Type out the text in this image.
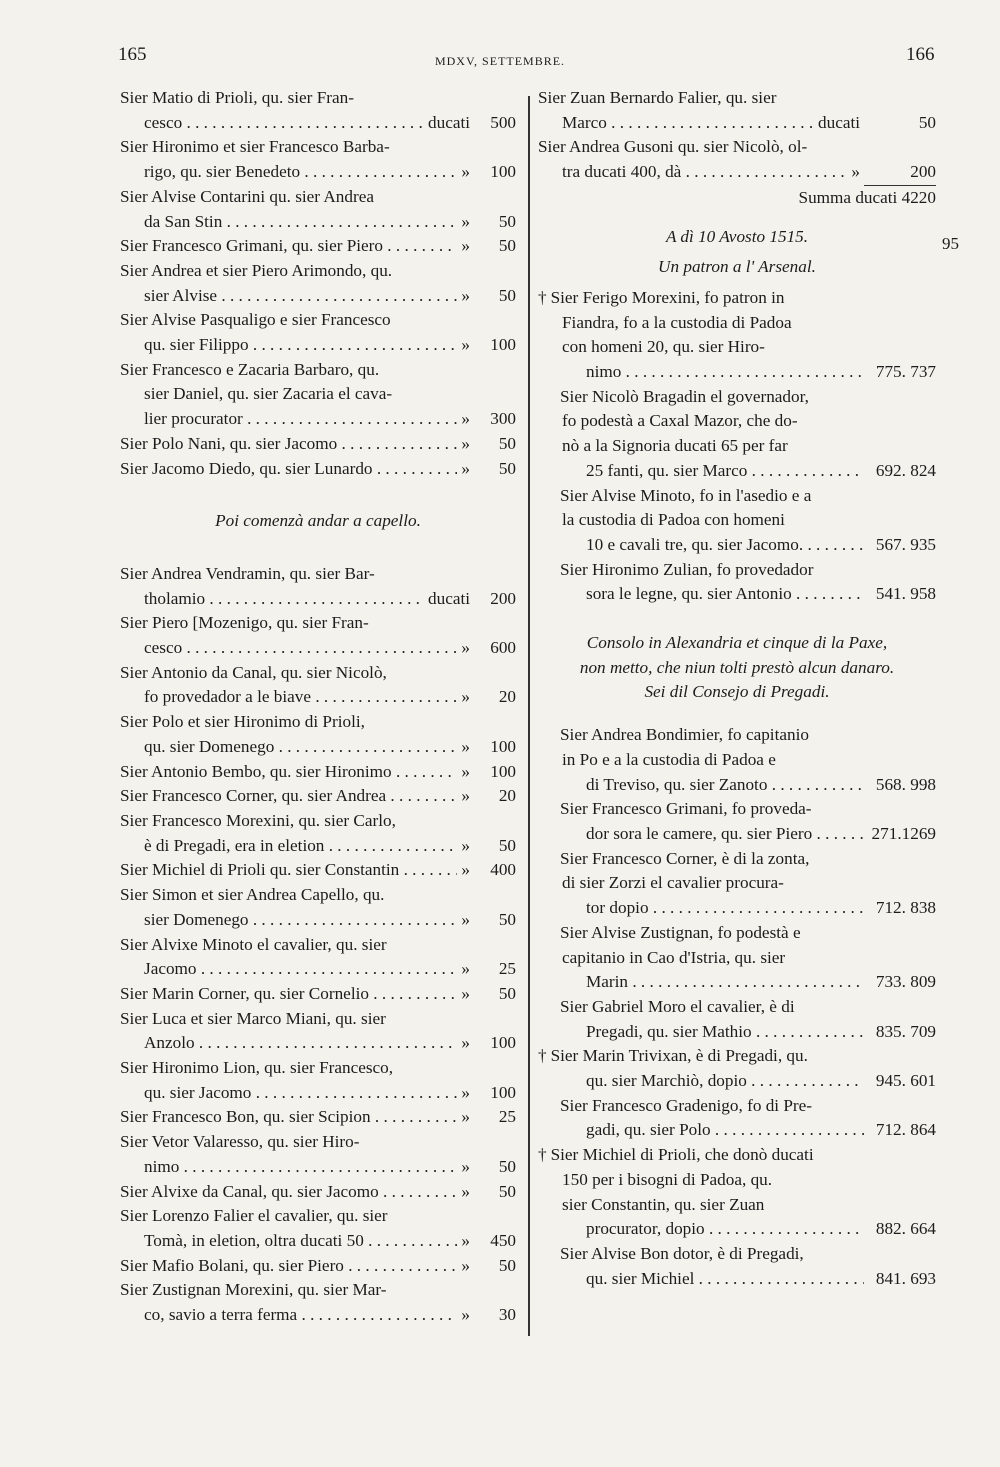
165	MDXV, SETTEMBRE.	166
95
Sier Matio di Prioli, qu. sier Fran-
cesco . . .	ducati	500
Sier Hironimo et sier Francesco Barba-
rigo, qu. sier Benedeto . . .	»	100
Sier Alvise Contarini qu. sier Andrea
da San Stin . . .	»	50
Sier Francesco Grimani, qu. sier Piero . . .	»	50
Sier Andrea et sier Piero Arimondo, qu.
sier Alvise . . .	»	50
Sier Alvise Pasqualigo e sier Francesco
qu. sier Filippo . . .	»	100
Sier Francesco e Zacaria Barbaro, qu.
sier Daniel, qu. sier Zacaria el cava-
lier procurator . . .	»	300
Sier Polo Nani, qu. sier Jacomo . . .	»	50
Sier Jacomo Diedo, qu. sier Lunardo . . .	»	50
Poi comenzà andar a capello.
Sier Andrea Vendramin, qu. sier Bar-
tholamio . . .	ducati	200
Sier Piero [Mozenigo, qu. sier Fran-
cesco . . .	»	600
Sier Antonio da Canal, qu. sier Nicolò,
fo provedador a le biave . . .	»	20
Sier Polo et sier Hironimo di Prioli,
qu. sier Domenego . . .	»	100
Sier Antonio Bembo, qu. sier Hironimo . . .	»	100
Sier Francesco Corner, qu. sier Andrea . . .	»	20
Sier Francesco Morexini, qu. sier Carlo,
è di Pregadi, era in eletion . . .	»	50
Sier Michiel di Prioli qu. sier Constantin . . .	»	400
Sier Simon et sier Andrea Capello, qu.
sier Domenego . . .	»	50
Sier Alvixe Minoto el cavalier, qu. sier
Jacomo . . .	»	25
Sier Marin Corner, qu. sier Cornelio . . .	»	50
Sier Luca et sier Marco Miani, qu. sier
Anzolo . . .	»	100
Sier Hironimo Lion, qu. sier Francesco,
qu. sier Jacomo . . .	»	100
Sier Francesco Bon, qu. sier Scipion . . .	»	25
Sier Vetor Valaresso, qu. sier Hiro-
nimo . . .	»	50
Sier Alvixe da Canal, qu. sier Jacomo . . .	»	50
Sier Lorenzo Falier el cavalier, qu. sier
Tomà, in eletion, oltra ducati 50 . . .	»	450
Sier Mafio Bolani, qu. sier Piero . . .	»	50
Sier Zustignan Morexini, qu. sier Mar-
co, savio a terra ferma . . .	»	30
Sier Zuan Bernardo Falier, qu. sier
Marco . . .	ducati	50
Sier Andrea Gusoni qu. sier Nicolò, ol-
tra ducati 400, dà . . .	»	200
Summa ducati 4220
A dì 10 Avosto 1515.
Un patron a l' Arsenal.
† Sier Ferigo Morexini, fo patron in
Fiandra, fo a la custodia di Padoa
con homeni 20, qu. sier Hiro-
nimo . . .	775. 737
Sier Nicolò Bragadin el governador,
fo podestà a Caxal Mazor, che do-
nò a la Signoria ducati 65 per far
25 fanti, qu. sier Marco . . .	692. 824
Sier Alvise Minoto, fo in l'asedio e a
la custodia di Padoa con homeni
10 e cavali tre, qu. sier Jacomo. . . .	567. 935
Sier Hironimo Zulian, fo provedador
sora le legne, qu. sier Antonio . . .	541. 958
Consolo in Alexandria et cinque di la Paxe,
non metto, che niun tolti prestò alcun danaro.
Sei dil Consejo di Pregadi.
Sier Andrea Bondimier, fo capitanio
in Po e a la custodia di Padoa e
di Treviso, qu. sier Zanoto . . .	568. 998
Sier Francesco Grimani, fo proveda-
dor sora le camere, qu. sier Piero . . .	271.1269
Sier Francesco Corner, è di la zonta,
di sier Zorzi el cavalier procura-
tor dopio . . .	712. 838
Sier Alvise Zustignan, fo podestà e
capitanio in Cao d'Istria, qu. sier
Marin . . .	733. 809
Sier Gabriel Moro el cavalier, è di
Pregadi, qu. sier Mathio . . .	835. 709
† Sier Marin Trivixan, è di Pregadi, qu.
qu. sier Marchiò, dopio . . .	945. 601
Sier Francesco Gradenigo, fo di Pre-
gadi, qu. sier Polo . . .	712. 864
† Sier Michiel di Prioli, che donò ducati
150 per i bisogni di Padoa, qu.
sier Constantin, qu. sier Zuan
procurator, dopio . . .	882. 664
Sier Alvise Bon dotor, è di Pregadi,
qu. sier Michiel . . .	841. 693
